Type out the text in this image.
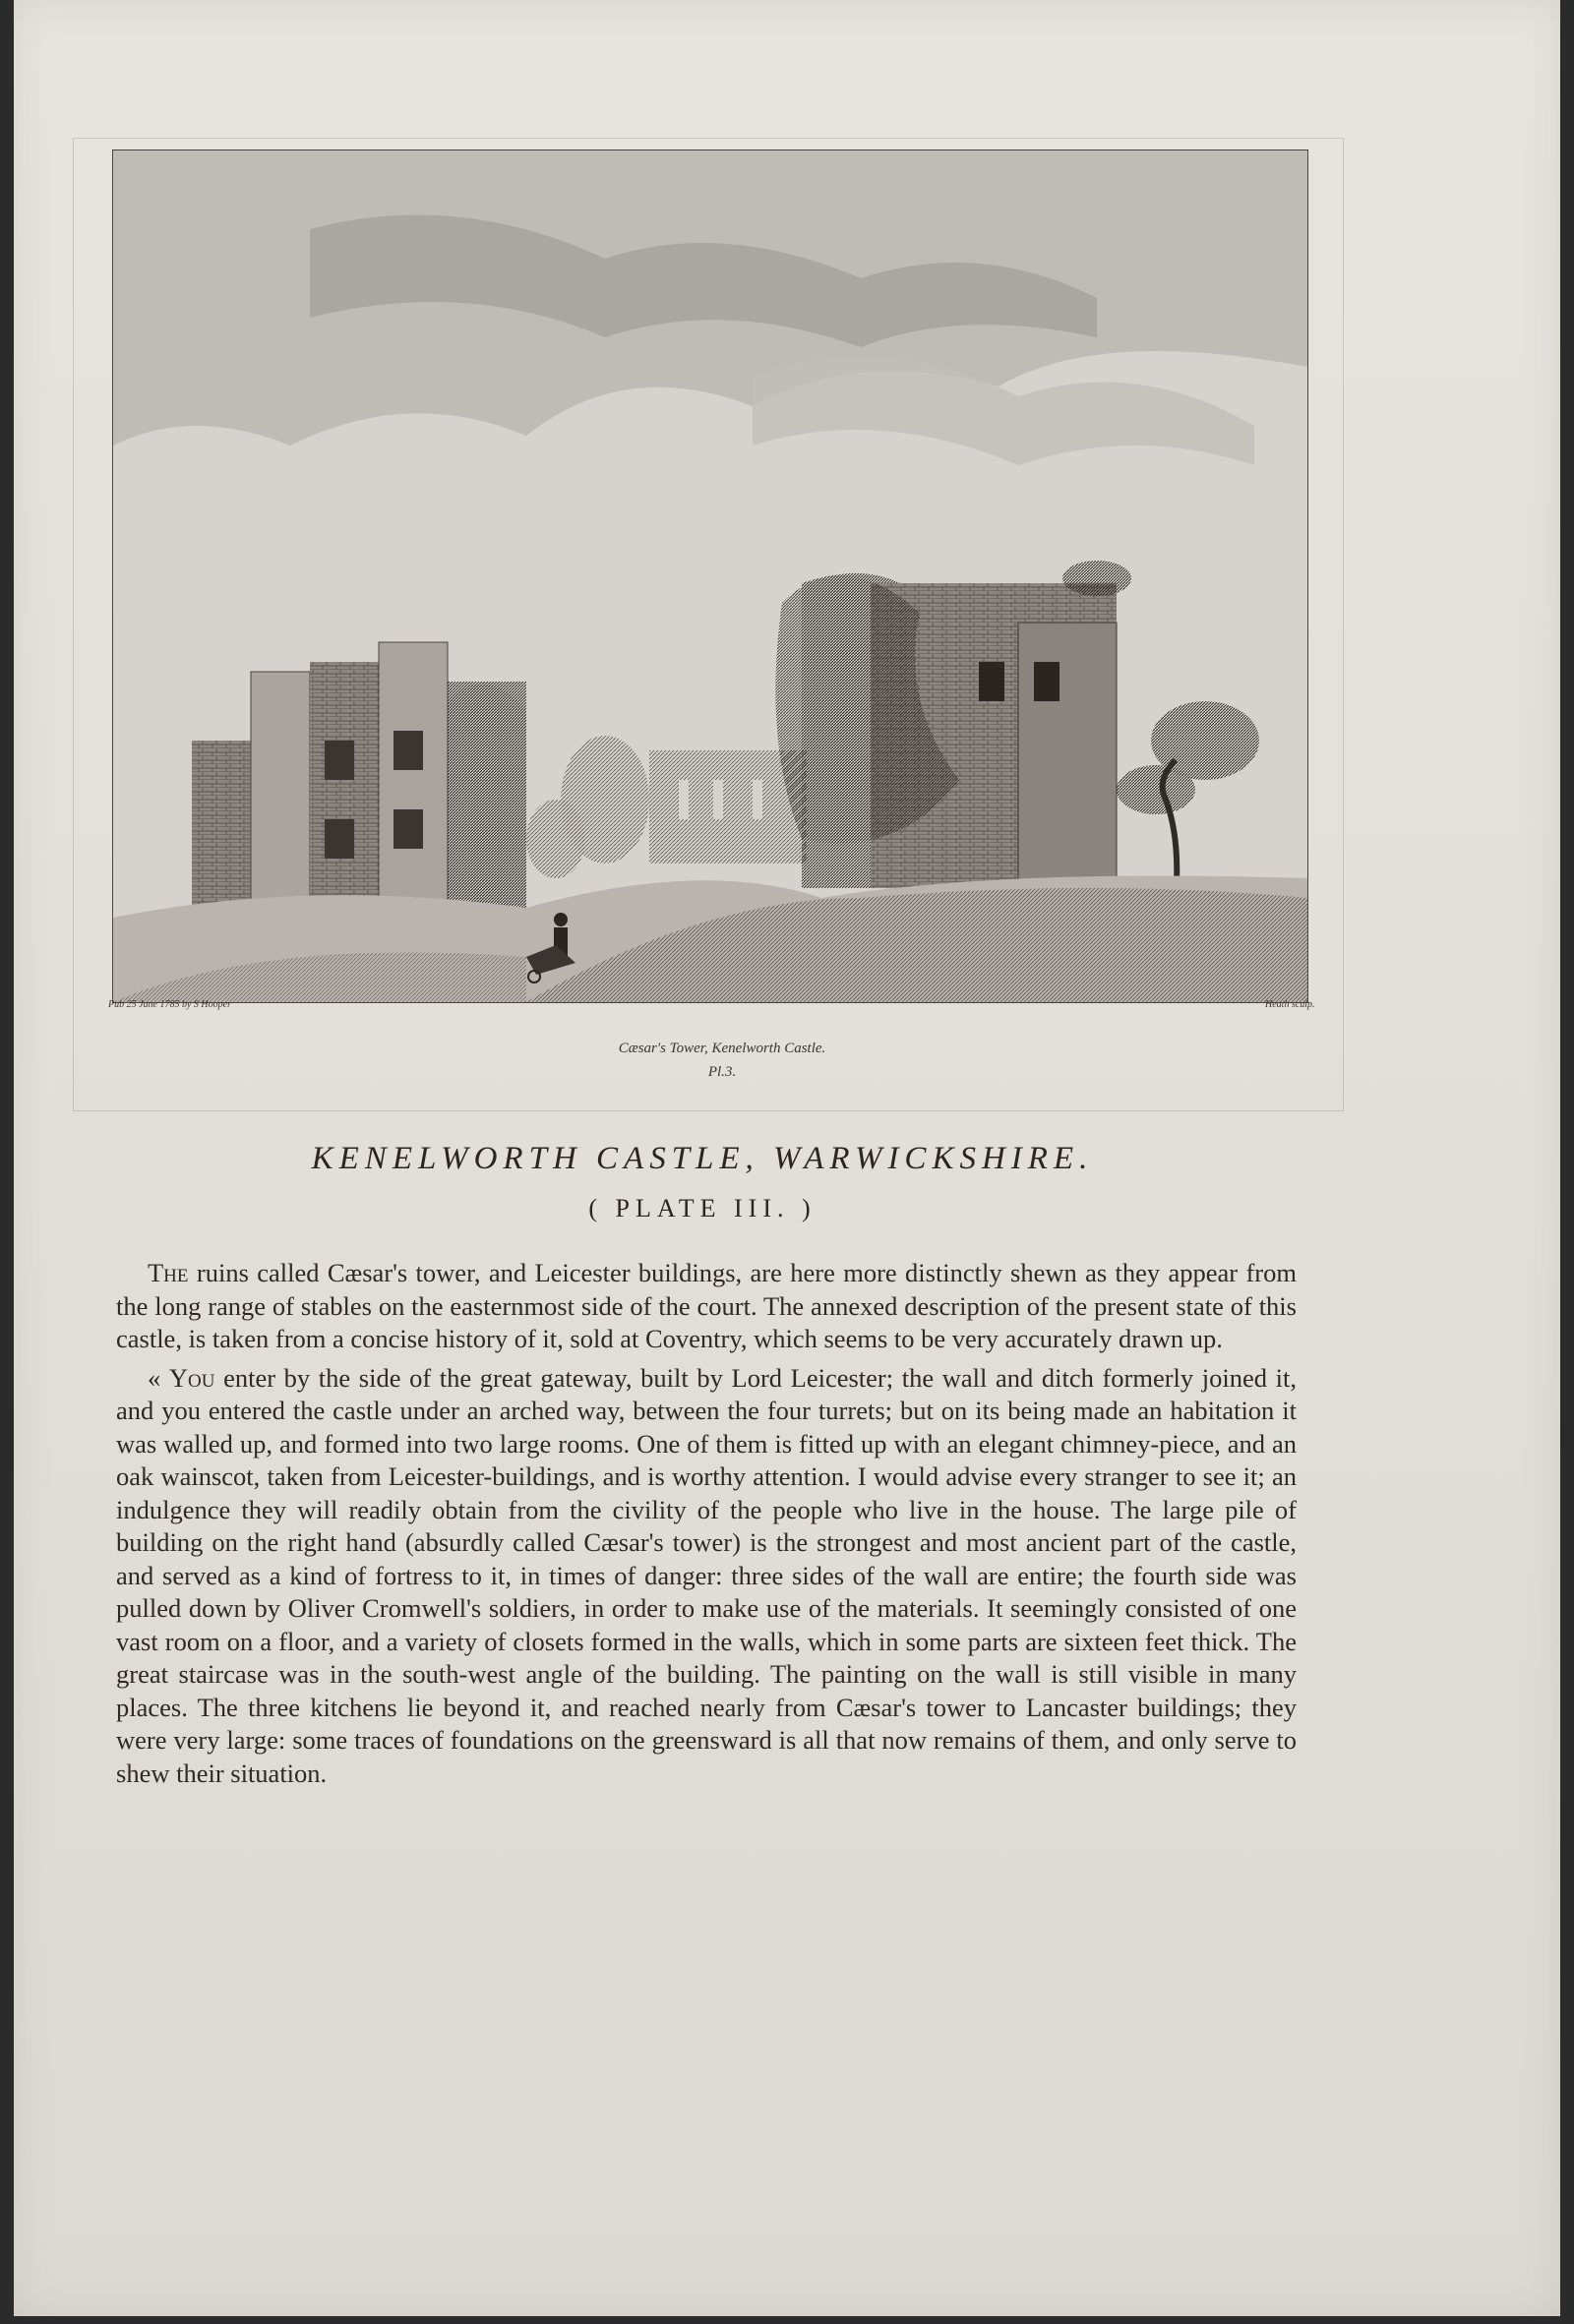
Pub 25 June 1785 by S Hooper	Heath sculp.
Cæsar's Tower, Kenelworth Castle.
Pl.3.
KENELWORTH CASTLE, WARWICKSHIRE.
( PLATE III. )

The ruins called Cæsar's tower, and Leicester buildings, are here more distinctly shewn as they appear from the long range of stables on the easternmost side of the court. The annexed description of the present state of this castle, is taken from a concise history of it, sold at Coventry, which seems to be very accurately drawn up.

« You enter by the side of the great gateway, built by Lord Leicester; the wall and ditch formerly joined it, and you entered the castle under an arched way, between the four turrets; but on its being made an habitation it was walled up, and formed into two large rooms. One of them is fitted up with an elegant chimney-piece, and an oak wainscot, taken from Leicester-buildings, and is worthy attention. I would advise every stranger to see it; an indulgence they will readily obtain from the civility of the people who live in the house. The large pile of building on the right hand (absurdly called Cæsar's tower) is the strongest and most ancient part of the castle, and served as a kind of fortress to it, in times of danger: three sides of the wall are entire; the fourth side was pulled down by Oliver Cromwell's soldiers, in order to make use of the materials. It seemingly consisted of one vast room on a floor, and a variety of closets formed in the walls, which in some parts are sixteen feet thick. The great staircase was in the south-west angle of the building. The painting on the wall is still visible in many places. The three kitchens lie beyond it, and reached nearly from Cæsar's tower to Lancaster buildings; they were very large: some traces of foundations on the greensward is all that now remains of them, and only serve to shew their situation.
